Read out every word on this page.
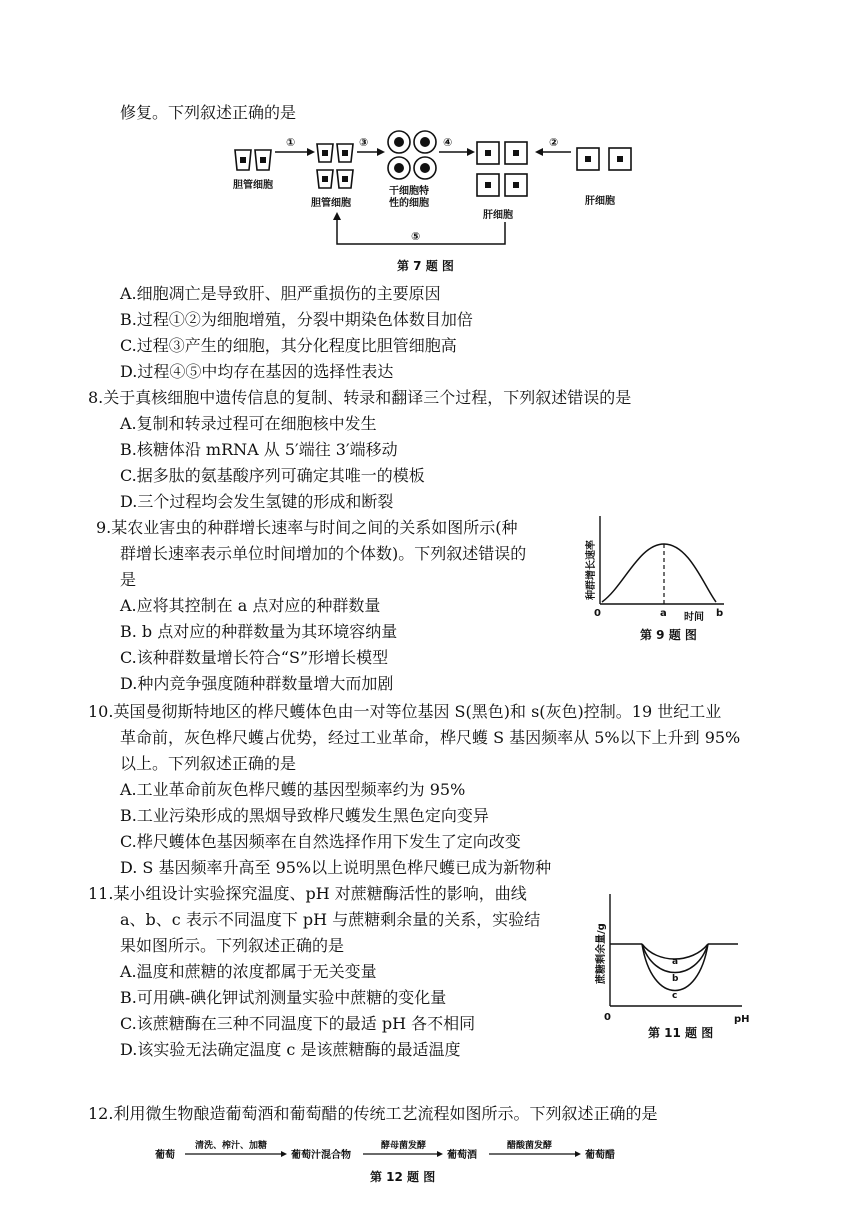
修复。下列叙述正确的是
胆管细胞
①
胆管细胞
③
干细胞特
性的细胞
④
肝细胞
②
肝细胞
⑤
第 7 题 图
A.细胞凋亡是导致肝、胆严重损伤的主要原因
B.过程①②为细胞增殖，分裂中期染色体数目加倍
C.过程③产生的细胞，其分化程度比胆管细胞高
D.过程④⑤中均存在基因的选择性表达
8.关于真核细胞中遗传信息的复制、转录和翻译三个过程，下列叙述错误的是
A.复制和转录过程可在细胞核中发生
B.核糖体沿 mRNA 从 5′端往 3′端移动
C.据多肽的氨基酸序列可确定其唯一的模板
D.三个过程均会发生氢键的形成和断裂
9.某农业害虫的种群增长速率与时间之间的关系如图所示(种
群增长速率表示单位时间增加的个体数)。下列叙述错误的
是
A.应将其控制在 a 点对应的种群数量
B. b 点对应的种群数量为其环境容纳量
C.该种群数量增长符合“S”形增长模型
D.种内竞争强度随种群数量增大而加剧
0	a	b
时间
种群增长速率
第 9 题 图
10.英国曼彻斯特地区的桦尺蠖体色由一对等位基因 S(黑色)和 s(灰色)控制。19 世纪工业
革命前，灰色桦尺蠖占优势，经过工业革命，桦尺蠖 S 基因频率从 5%以下上升到 95%
以上。下列叙述正确的是
A.工业革命前灰色桦尺蠖的基因型频率约为 95%
B.工业污染形成的黑烟导致桦尺蠖发生黑色定向变异
C.桦尺蠖体色基因频率在自然选择作用下发生了定向改变
D. S 基因频率升高至 95%以上说明黑色桦尺蠖已成为新物种
11.某小组设计实验探究温度、pH 对蔗糖酶活性的影响，曲线
a、b、c 表示不同温度下 pH 与蔗糖剩余量的关系，实验结
果如图所示。下列叙述正确的是
A.温度和蔗糖的浓度都属于无关变量
B.可用碘-碘化钾试剂测量实验中蔗糖的变化量
C.该蔗糖酶在三种不同温度下的最适 pH 各不相同
D.该实验无法确定温度 c 是该蔗糖酶的最适温度
a
b
c
0	pH
蔗糖剩余量/g
第 11 题 图
12.利用微生物酿造葡萄酒和葡萄醋的传统工艺流程如图所示。下列叙述正确的是
葡萄
清洗、榨汁、加糖
葡萄汁混合物
酵母菌发酵
葡萄酒
醋酸菌发酵
葡萄醋
第 12 题 图
